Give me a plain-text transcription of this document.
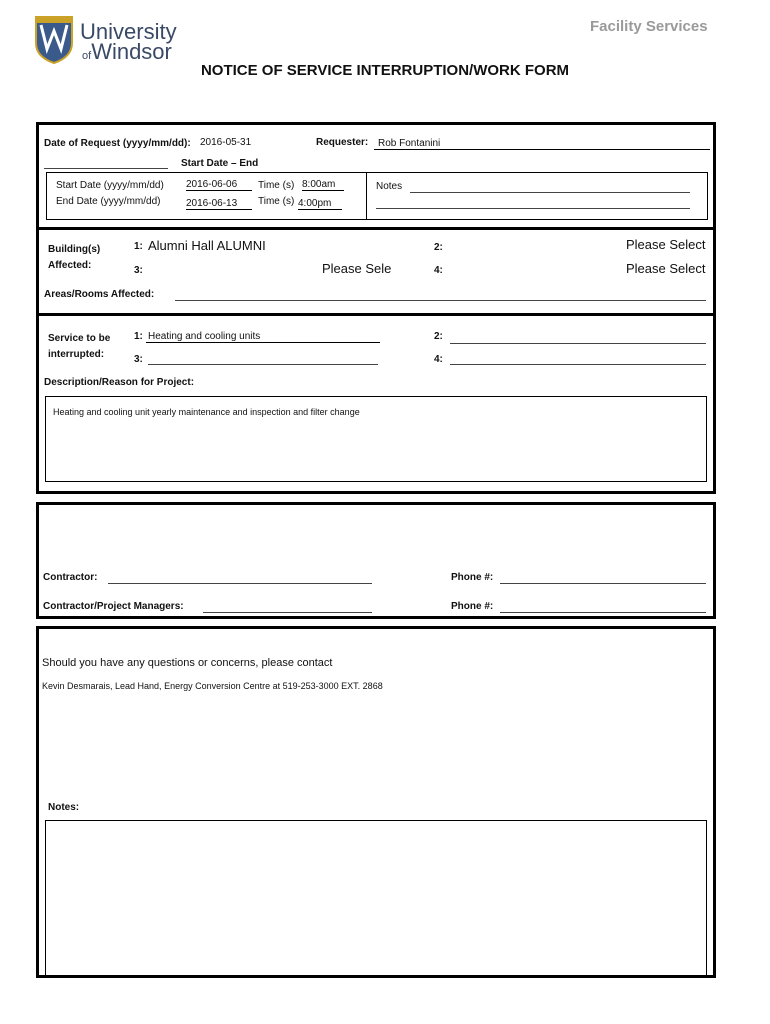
University
ofWindsor
Facility Services
NOTICE OF SERVICE INTERRUPTION/WORK FORM
Date of Request (yyyy/mm/dd): 2016-05-31	Requester: Rob Fontanini
Start Date – End
Start Date (yyyy/mm/dd) 2016-06-06	Time (s) 8:00am
End Date (yyyy/mm/dd)	2016-06-13	Time (s) 4:00pm
Notes
Building(s)
Affected:
1: Alumni Hall ALUMNI	2:	Please Select
3:	Please Sele	4:	Please Select
Areas/Rooms Affected:
Service to be
interrupted:
1: Heating and cooling units	2:
3:	4:
Description/Reason for Project:
Heating and cooling unit yearly maintenance and inspection and filter change
Contractor:	Phone #:
Contractor/Project Managers:	Phone #:
Should you have any questions or concerns, please contact
Kevin Desmarais, Lead Hand, Energy Conversion Centre at 519-253-3000 EXT. 2868
Notes:
